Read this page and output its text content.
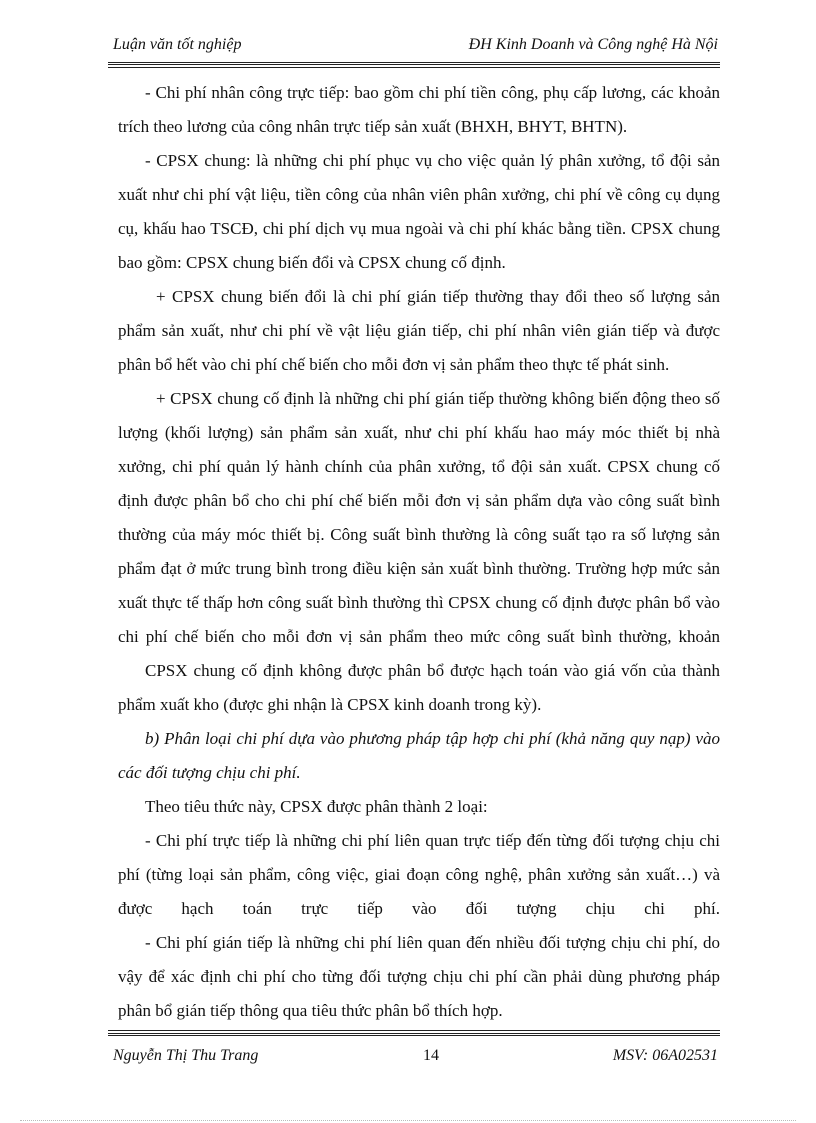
Luận văn tốt nghiệp	ĐH Kinh Doanh và Công nghệ Hà Nội
- Chi phí nhân công trực tiếp: bao gồm chi phí tiền công, phụ cấp lương, các khoản
trích theo lương của công nhân trực tiếp sản xuất (BHXH, BHYT, BHTN).
- CPSX chung: là những chi phí phục vụ cho việc quản lý phân xưởng, tổ đội sản
xuất như chi phí vật liệu, tiền công của nhân viên phân xưởng, chi phí về công cụ dụng
cụ, khấu hao TSCĐ, chi phí dịch vụ mua ngoài và chi phí khác bằng tiền. CPSX chung
bao gồm: CPSX chung biến đổi và CPSX chung cố định.
+ CPSX chung biến đổi là chi phí gián tiếp thường thay đổi theo số lượng sản
phẩm sản xuất, như chi phí về vật liệu gián tiếp, chi phí nhân viên gián tiếp và được
phân bổ hết vào chi phí chế biến cho mỗi đơn vị sản phẩm theo thực tế phát sinh.
+ CPSX chung cố định là những chi phí gián tiếp thường không biến động theo số
lượng (khối lượng) sản phẩm sản xuất, như chi phí khấu hao máy móc thiết bị nhà
xưởng, chi phí quản lý hành chính của phân xưởng, tổ đội sản xuất. CPSX chung cố
định được phân bổ cho chi phí chế biến mỗi đơn vị sản phẩm dựa vào công suất bình
thường của máy móc thiết bị. Công suất bình thường là công suất tạo ra số lượng sản
phẩm đạt ở mức trung bình trong điều kiện sản xuất bình thường. Trường hợp mức sản
xuất thực tế thấp hơn công suất bình thường thì CPSX chung cố định được phân bổ vào
chi phí chế biến cho mỗi đơn vị sản phẩm theo mức công suất bình thường, khoản
CPSX chung cố định không được phân bổ được hạch toán vào giá vốn của thành
phẩm xuất kho (được ghi nhận là CPSX kinh doanh trong kỳ).
b) Phân loại chi phí dựa vào phương pháp tập hợp chi phí (khả năng quy nạp) vào
các đối tượng chịu chi phí.
Theo tiêu thức này, CPSX được phân thành 2 loại:
- Chi phí trực tiếp là những chi phí liên quan trực tiếp đến từng đối tượng chịu chi
phí (từng loại sản phẩm, công việc, giai đoạn công nghệ, phân xưởng sản xuất…) và
được hạch toán trực tiếp vào đối tượng chịu chi phí.
- Chi phí gián tiếp là những chi phí liên quan đến nhiều đối tượng chịu chi phí, do
vậy để xác định chi phí cho từng đối tượng chịu chi phí cần phải dùng phương pháp
phân bổ gián tiếp thông qua tiêu thức phân bổ thích hợp.
Nguyễn Thị Thu Trang	14	MSV: 06A02531
